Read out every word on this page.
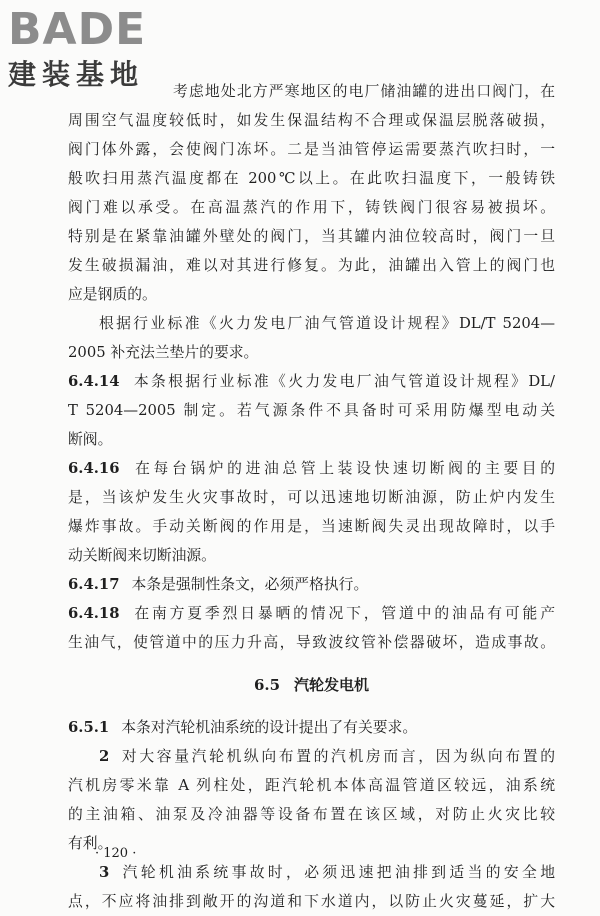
BADE
建装基地
考虑地处北方严寒地区的电厂储油罐的进出口阀门，在
周围空气温度较低时，如发生保温结构不合理或保温层脱落破损，
阀门体外露，会使阀门冻坏。二是当油管停运需要蒸汽吹扫时，一
般吹扫用蒸汽温度都在 200℃以上。在此吹扫温度下，一般铸铁
阀门难以承受。在高温蒸汽的作用下，铸铁阀门很容易被损坏。
特别是在紧靠油罐外壁处的阀门，当其罐内油位较高时，阀门一旦
发生破损漏油，难以对其进行修复。为此，油罐出入管上的阀门也
应是钢质的。
根据行业标准《火力发电厂油气管道设计规程》DL/T 5204—
2005 补充法兰垫片的要求。
6.4.14 本条根据行业标准《火力发电厂油气管道设计规程》DL/
T 5204—2005 制定。若气源条件不具备时可采用防爆型电动关
断阀。
6.4.16 在每台锅炉的进油总管上装设快速切断阀的主要目的
是，当该炉发生火灾事故时，可以迅速地切断油源，防止炉内发生
爆炸事故。手动关断阀的作用是，当速断阀失灵出现故障时，以手
动关断阀来切断油源。
6.4.17 本条是强制性条文，必须严格执行。
6.4.18 在南方夏季烈日暴晒的情况下，管道中的油品有可能产
生油气，使管道中的压力升高，导致波纹管补偿器破坏，造成事故。
6.5 汽轮发电机
6.5.1 本条对汽轮机油系统的设计提出了有关要求。
2 对大容量汽轮机纵向布置的汽机房而言，因为纵向布置的
汽机房零米靠 A 列柱处，距汽轮机本体高温管道区较远，油系统
的主油箱、油泵及冷油器等设备布置在该区域，对防止火灾比较
有利。
3 汽轮机油系统事故时，必须迅速把油排到适当的安全地
点，不应将油排到敞开的沟道和下水道内，以防止火灾蔓延，扩大
· 120 ·
